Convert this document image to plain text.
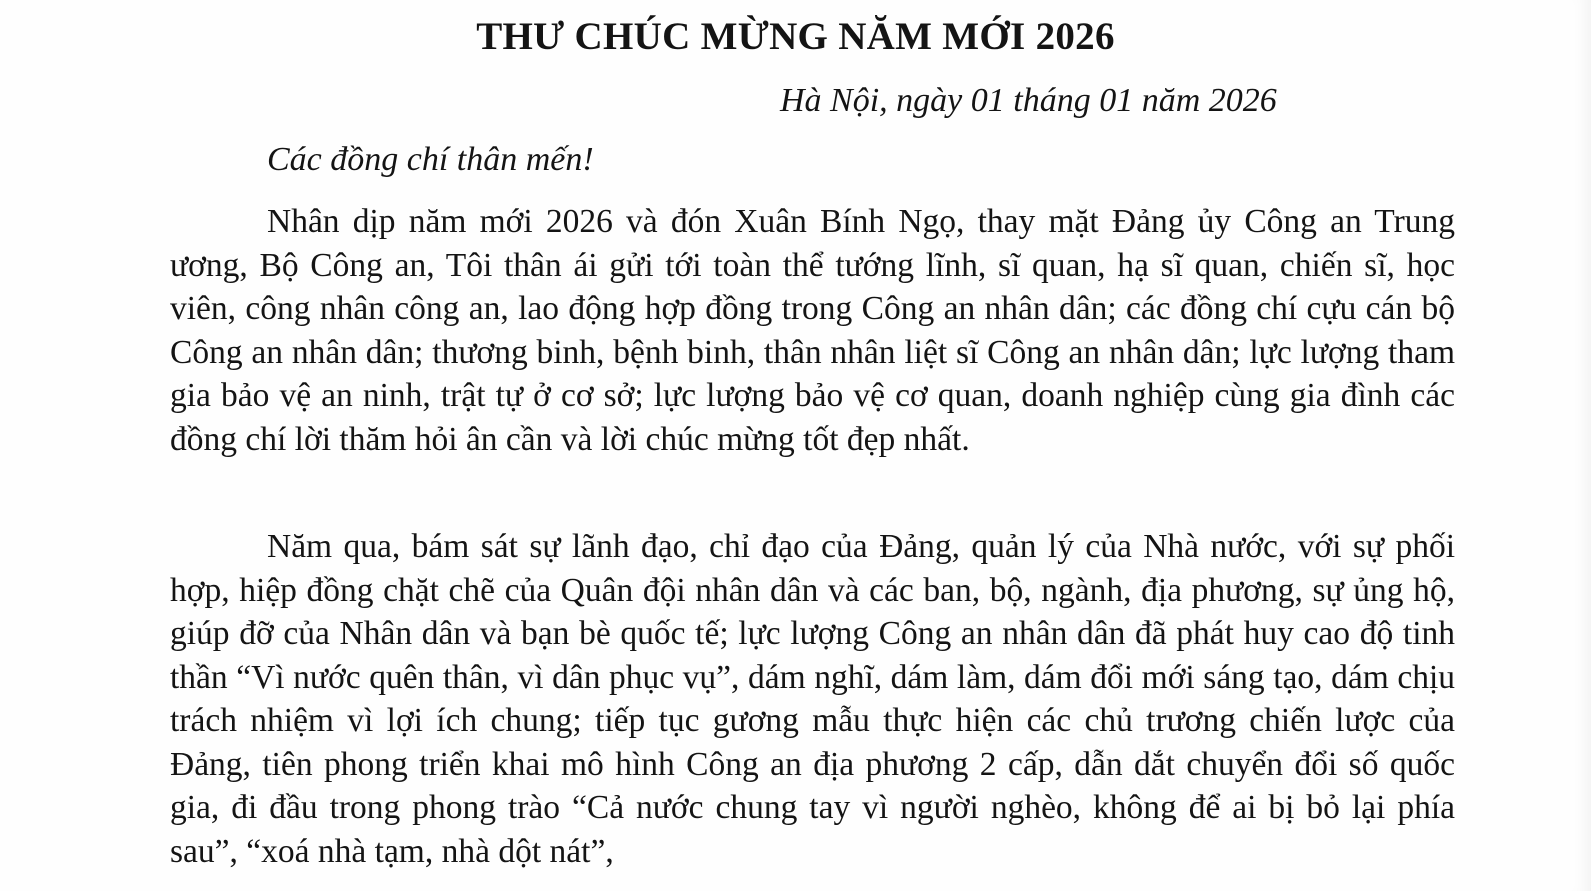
THƯ CHÚC MỪNG NĂM MỚI 2026
Hà Nội, ngày 01 tháng 01 năm 2026
Các đồng chí thân mến!

Nhân dịp năm mới 2026 và đón Xuân Bính Ngọ, thay mặt Đảng ủy Công an Trung ương, Bộ Công an, Tôi thân ái gửi tới toàn thể tướng lĩnh, sĩ quan, hạ sĩ quan, chiến sĩ, học viên, công nhân công an, lao động hợp đồng trong Công an nhân dân; các đồng chí cựu cán bộ Công an nhân dân; thương binh, bệnh binh, thân nhân liệt sĩ Công an nhân dân; lực lượng tham gia bảo vệ an ninh, trật tự ở cơ sở; lực lượng bảo vệ cơ quan, doanh nghiệp cùng gia đình các đồng chí lời thăm hỏi ân cần và lời chúc mừng tốt đẹp nhất.

Năm qua, bám sát sự lãnh đạo, chỉ đạo của Đảng, quản lý của Nhà nước, với sự phối hợp, hiệp đồng chặt chẽ của Quân đội nhân dân và các ban, bộ, ngành, địa phương, sự ủng hộ, giúp đỡ của Nhân dân và bạn bè quốc tế; lực lượng Công an nhân dân đã phát huy cao độ tinh thần “Vì nước quên thân, vì dân phục vụ”, dám nghĩ, dám làm, dám đổi mới sáng tạo, dám chịu trách nhiệm vì lợi ích chung; tiếp tục gương mẫu thực hiện các chủ trương chiến lược của Đảng, tiên phong triển khai mô hình Công an địa phương 2 cấp, dẫn dắt chuyển đổi số quốc gia, đi đầu trong phong trào “Cả nước chung tay vì người nghèo, không để ai bị bỏ lại phía sau”, “xoá nhà tạm, nhà dột nát”,
